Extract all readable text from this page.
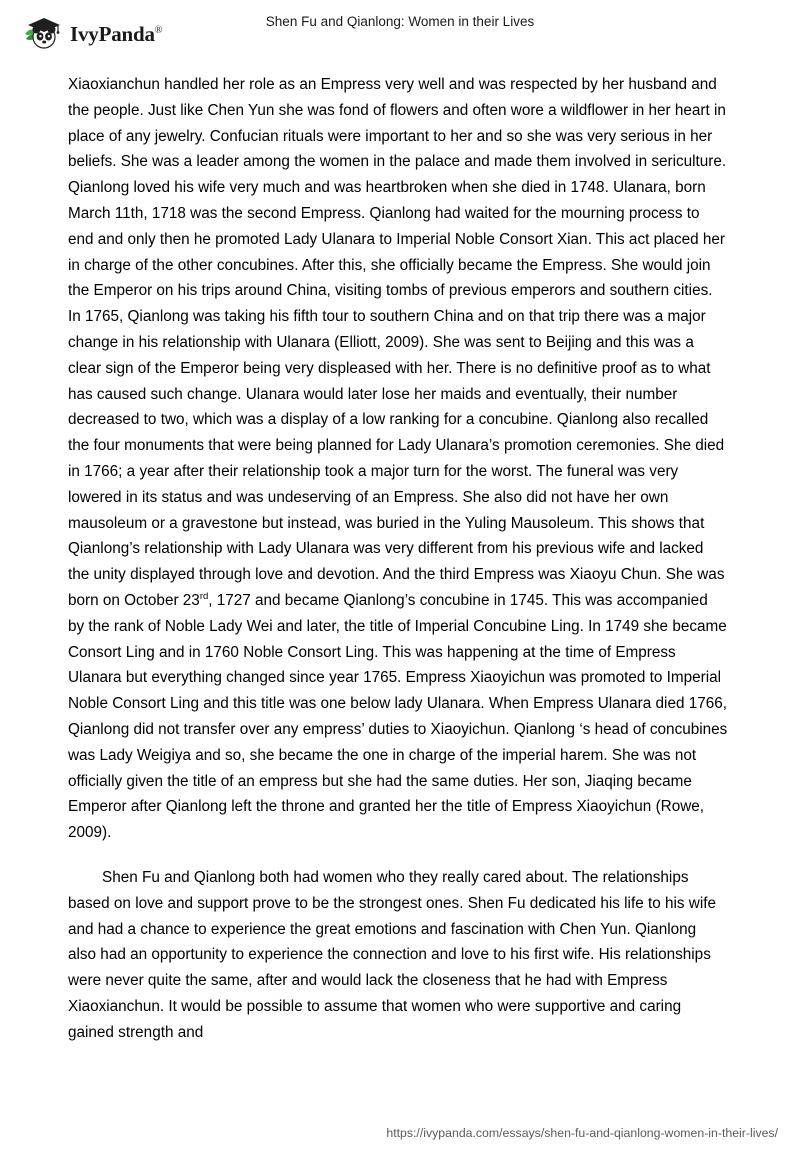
IvyPanda®
Shen Fu and Qianlong: Women in their Lives

Xiaoxianchun handled her role as an Empress very well and was respected by her husband and the people. Just like Chen Yun she was fond of flowers and often wore a wildflower in her heart in place of any jewelry. Confucian rituals were important to her and so she was very serious in her beliefs. She was a leader among the women in the palace and made them involved in sericulture. Qianlong loved his wife very much and was heartbroken when she died in 1748. Ulanara, born March 11th, 1718 was the second Empress. Qianlong had waited for the mourning process to end and only then he promoted Lady Ulanara to Imperial Noble Consort Xian. This act placed her in charge of the other concubines. After this, she officially became the Empress. She would join the Emperor on his trips around China, visiting tombs of previous emperors and southern cities. In 1765, Qianlong was taking his fifth tour to southern China and on that trip there was a major change in his relationship with Ulanara (Elliott, 2009). She was sent to Beijing and this was a clear sign of the Emperor being very displeased with her. There is no definitive proof as to what has caused such change. Ulanara would later lose her maids and eventually, their number decreased to two, which was a display of a low ranking for a concubine. Qianlong also recalled the four monuments that were being planned for Lady Ulanara’s promotion ceremonies. She died in 1766; a year after their relationship took a major turn for the worst. The funeral was very lowered in its status and was undeserving of an Empress. She also did not have her own mausoleum or a gravestone but instead, was buried in the Yuling Mausoleum. This shows that Qianlong’s relationship with Lady Ulanara was very different from his previous wife and lacked the unity displayed through love and devotion. And the third Empress was Xiaoyu Chun. She was born on October 23rd, 1727 and became Qianlong’s concubine in 1745. This was accompanied by the rank of Noble Lady Wei and later, the title of Imperial Concubine Ling. In 1749 she became Consort Ling and in 1760 Noble Consort Ling. This was happening at the time of Empress Ulanara but everything changed since year 1765. Empress Xiaoyichun was promoted to Imperial Noble Consort Ling and this title was one below lady Ulanara. When Empress Ulanara died 1766, Qianlong did not transfer over any empress’ duties to Xiaoyichun. Qianlong ‘s head of concubines was Lady Weigiya and so, she became the one in charge of the imperial harem. She was not officially given the title of an empress but she had the same duties. Her son, Jiaqing became Emperor after Qianlong left the throne and granted her the title of Empress Xiaoyichun (Rowe, 2009).

Shen Fu and Qianlong both had women who they really cared about. The relationships based on love and support prove to be the strongest ones. Shen Fu dedicated his life to his wife and had a chance to experience the great emotions and fascination with Chen Yun. Qianlong also had an opportunity to experience the connection and love to his first wife. His relationships were never quite the same, after and would lack the closeness that he had with Empress Xiaoxianchun. It would be possible to assume that women who were supportive and caring gained strength and

https://ivypanda.com/essays/shen-fu-and-qianlong-women-in-their-lives/
